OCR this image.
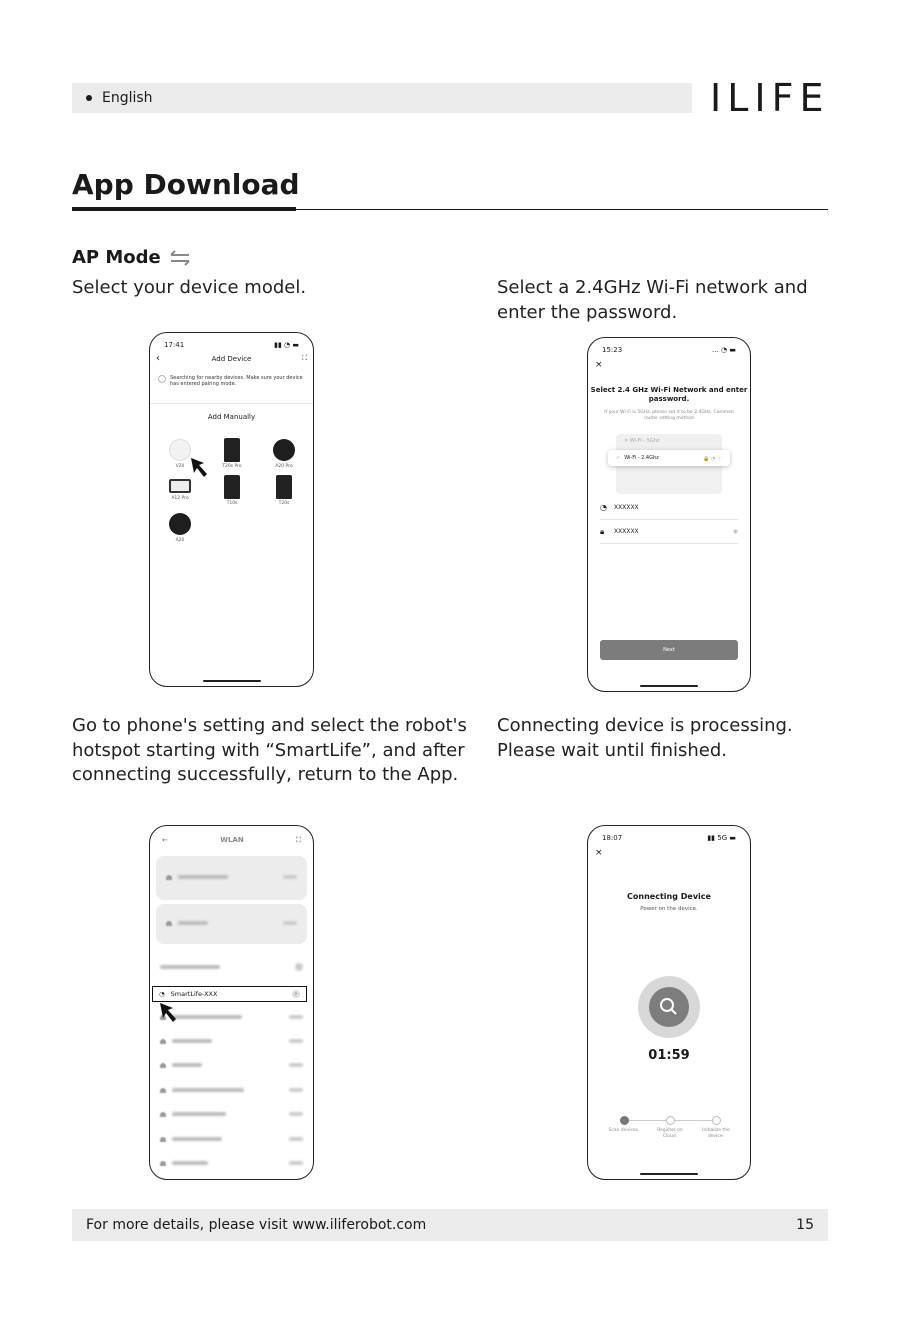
English	ILIFE
App Download
AP Mode
Select your device model.	Select a 2.4GHz Wi-Fi network and enter the password.
Go to phone's setting and select the robot's hotspot starting with “SmartLife”, and after connecting successfully, return to the App.
Connecting device is processing. Please wait until finished.
17:41	▮▮ ◔ ▬
‹	Add Device	⛶
Searching for nearby devices. Make sure your device has entered pairing mode.
Add Manually
V20	T20s Pro	A20 Pro
A12 Pro
T10s	T20s
A20
15:23	… ◔ ▬
×
Select 2.4 GHz Wi-Fi Network and enter password.
If your Wi-Fi is 5GHz, please set it to be 2.4GHz. Common router setting method
✕ Wi-Fi - 5Ghz
✓ Wi-Fi - 2.4Ghz	🔒 ◔ ⓘ
◔	XXXXXX
🔒︎	XXXXXX	◉
Next
←	WLAN	⛶
◔ SmartLife-XXX	›
18:07	▮▮ 5G ▬
×
Connecting Device
Power on the device.
01:59
Scan devices.	Register on Cloud.
Initialize the device.
For more details, please visit www.iliferobot.com	15
